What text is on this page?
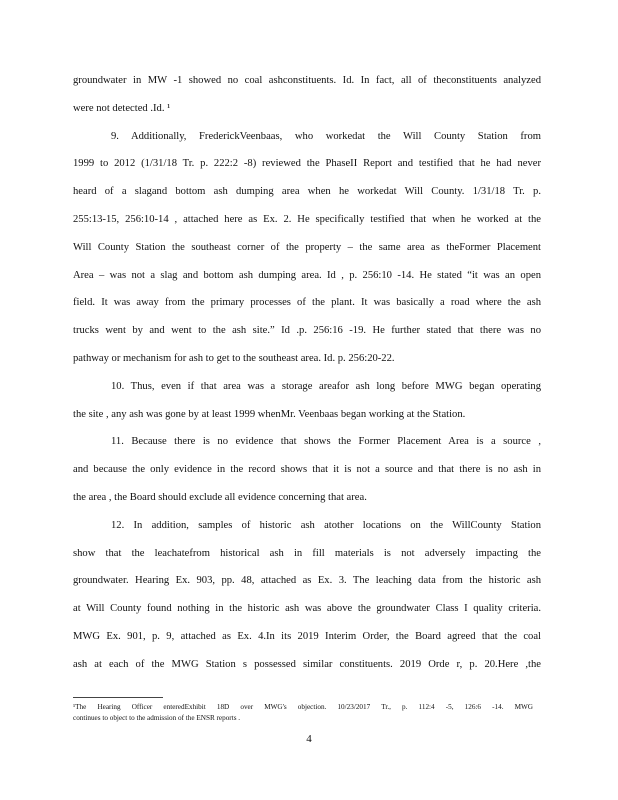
groundwater in MW -1 showed no coal ashconstituents. Id. In fact, all of theconstituents analyzed
were not detected .Id. ¹
9. Additionally, FrederickVeenbaas, who workedat the Will County Station from
1999 to 2012 (1/31/18 Tr. p. 222:2 -8) reviewed the PhaseII Report and testified that he had never
heard of a slagand bottom ash dumping area when he workedat Will County. 1/31/18 Tr. p.
255:13-15, 256:10-14 , attached here as Ex. 2. He specifically testified that when he worked at the
Will County Station the southeast corner of the property – the same area as theFormer Placement
Area – was not a slag and bottom ash dumping area. Id , p. 256:10 -14. He stated “it was an open
field. It was away from the primary processes of the plant. It was basically a road where the ash
trucks went by and went to the ash site.” Id .p. 256:16 -19. He further stated that there was no
pathway or mechanism for ash to get to the southeast area. Id. p. 256:20-22.
10. Thus, even if that area was a storage areafor ash long before MWG began operating
the site , any ash was gone by at least 1999 whenMr. Veenbaas began working at the Station.
11. Because there is no evidence that shows the Former Placement Area is a source ,
and because the only evidence in the record shows that it is not a source and that there is no ash in
the area , the Board should exclude all evidence concerning that area.
12. In addition, samples of historic ash atother locations on the WillCounty Station
show that the leachatefrom historical ash in fill materials is not adversely impacting the
groundwater. Hearing Ex. 903, pp. 48, attached as Ex. 3. The leaching data from the historic ash
at Will County found nothing in the historic ash was above the groundwater Class I quality criteria.
MWG Ex. 901, p. 9, attached as Ex. 4.In its 2019 Interim Order, the Board agreed that the coal
ash at each of the MWG Station s possessed similar constituents. 2019 Orde r, p. 20.Here ,the
¹The Hearing Officer enteredExhibit 18D over MWG's objection. 10/23/2017 Tr., p. 112:4 -5, 126:6 -14. MWG
continues to object to the admission of the ENSR reports .
4
